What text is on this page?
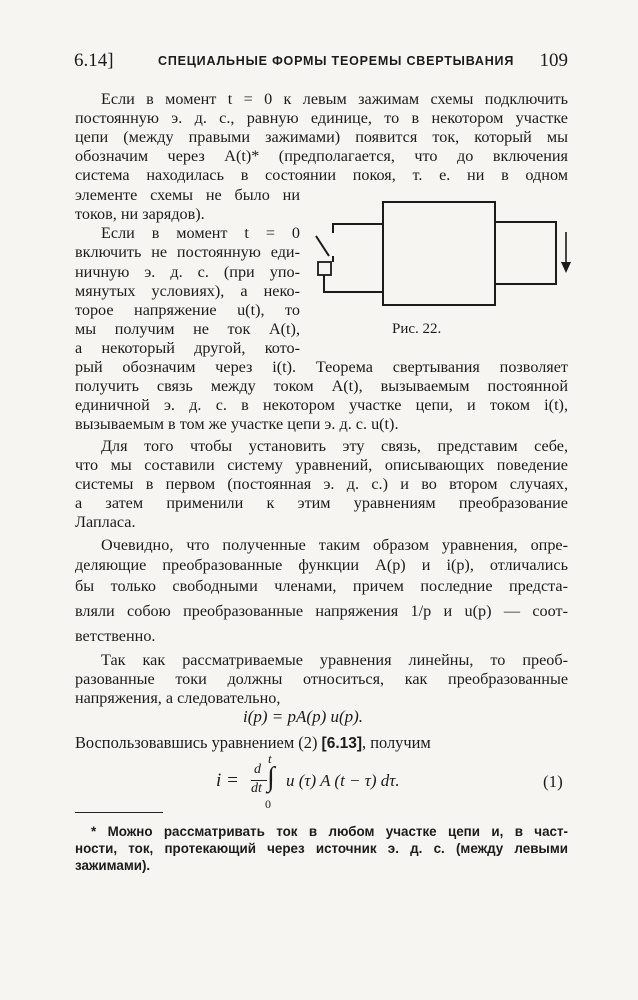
6.14]	СПЕЦИАЛЬНЫЕ ФОРМЫ ТЕОРЕМЫ СВЕРТЫВАНИЯ 109
Если в момент t = 0 к левым зажимам схемы подключить
постоянную э. д. с., равную единице, то в некотором участке
цепи (между правыми зажимами) появится ток, который мы
обозначим через A(t)* (предполагается, что до включения
система находилась в состоянии покоя, т. е. ни в одном
элементе схемы не было ни
токов, ни зарядов).
Если в момент t = 0
включить не постоянную еди-
ничную э. д. с. (при упо-
мянутых условиях), а неко-
торое напряжение u(t), то
мы получим не ток A(t),
а некоторый другой, кото-
рый обозначим через i(t). Теорема свертывания позволяет
получить связь между током A(t), вызываемым постоянной
единичной э. д. с. в некотором участке цепи, и током i(t),
вызываемым в том же участке цепи э. д. с. u(t).
Для того чтобы установить эту связь, представим себе,
что мы составили систему уравнений, описывающих поведение
системы в первом (постоянная э. д. с.) и во втором случаях,
а затем применили к этим уравнениям преобразование
Лапласа.
Очевидно, что полученные таким образом уравнения, опре-
деляющие преобразованные функции A(p) и i(p), отличались
бы только свободными членами, причем последние предста-
вляли собою преобразованные напряжения 1/p и u(p) — соот-
ветственно.
Так как рассматриваемые уравнения линейны, то преоб-
разованные токи должны относиться, как преобразованные
напряжения, а следовательно,
i(p) = pA(p) u(p).
Воспользовавшись уравнением (2) [6.13], получим
i =
d
dt
t
∫
0
u (τ) A (t − τ) dτ.	(1)
* Можно рассматривать ток в любом участке цепи и, в част-
ности, ток, протекающий через источник э. д. с. (между левыми
зажимами).
Рис. 22.
